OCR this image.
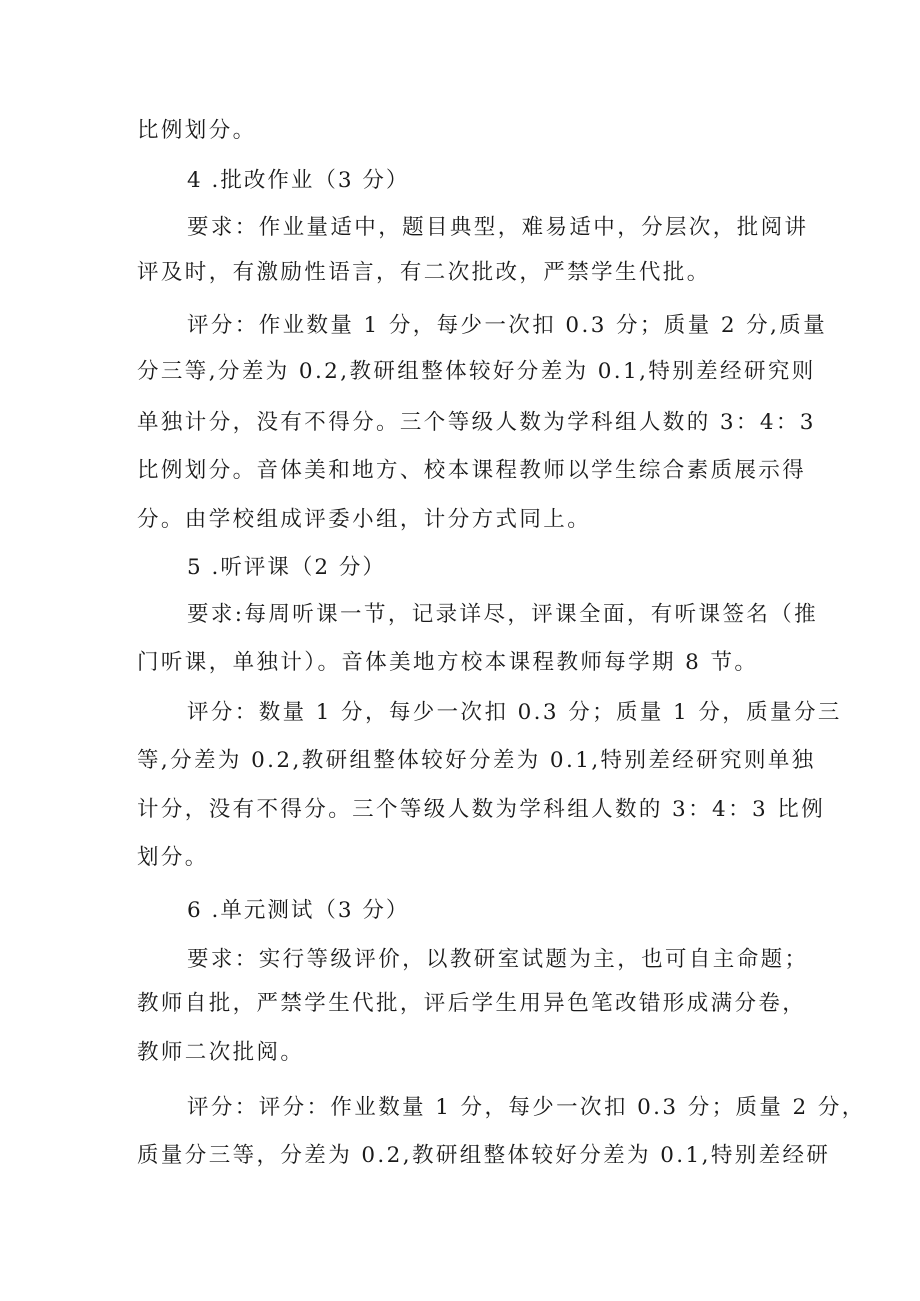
比例划分。
4 .批改作业（3 分）
要求：作业量适中，题目典型，难易适中，分层次，批阅讲
评及时，有激励性语言，有二次批改，严禁学生代批。
评分：作业数量 1 分，每少一次扣 0.3 分；质量 2 分,质量
分三等,分差为 0.2,教研组整体较好分差为 0.1,特别差经研究则
单独计分，没有不得分。三个等级人数为学科组人数的 3：4：3
比例划分。音体美和地方、校本课程教师以学生综合素质展示得
分。由学校组成评委小组，计分方式同上。
5 .听评课（2 分）
要求:每周听课一节，记录详尽，评课全面，有听课签名（推
门听课，单独计）。音体美地方校本课程教师每学期 8 节。
评分：数量 1 分，每少一次扣 0.3 分；质量 1 分，质量分三
等,分差为 0.2,教研组整体较好分差为 0.1,特别差经研究则单独
计分，没有不得分。三个等级人数为学科组人数的 3：4：3 比例
划分。
6 .单元测试（3 分）
要求：实行等级评价，以教研室试题为主，也可自主命题；
教师自批，严禁学生代批，评后学生用异色笔改错形成满分卷，
教师二次批阅。
评分：评分：作业数量 1 分，每少一次扣 0.3 分；质量 2 分，
质量分三等，分差为 0.2,教研组整体较好分差为 0.1,特别差经研
